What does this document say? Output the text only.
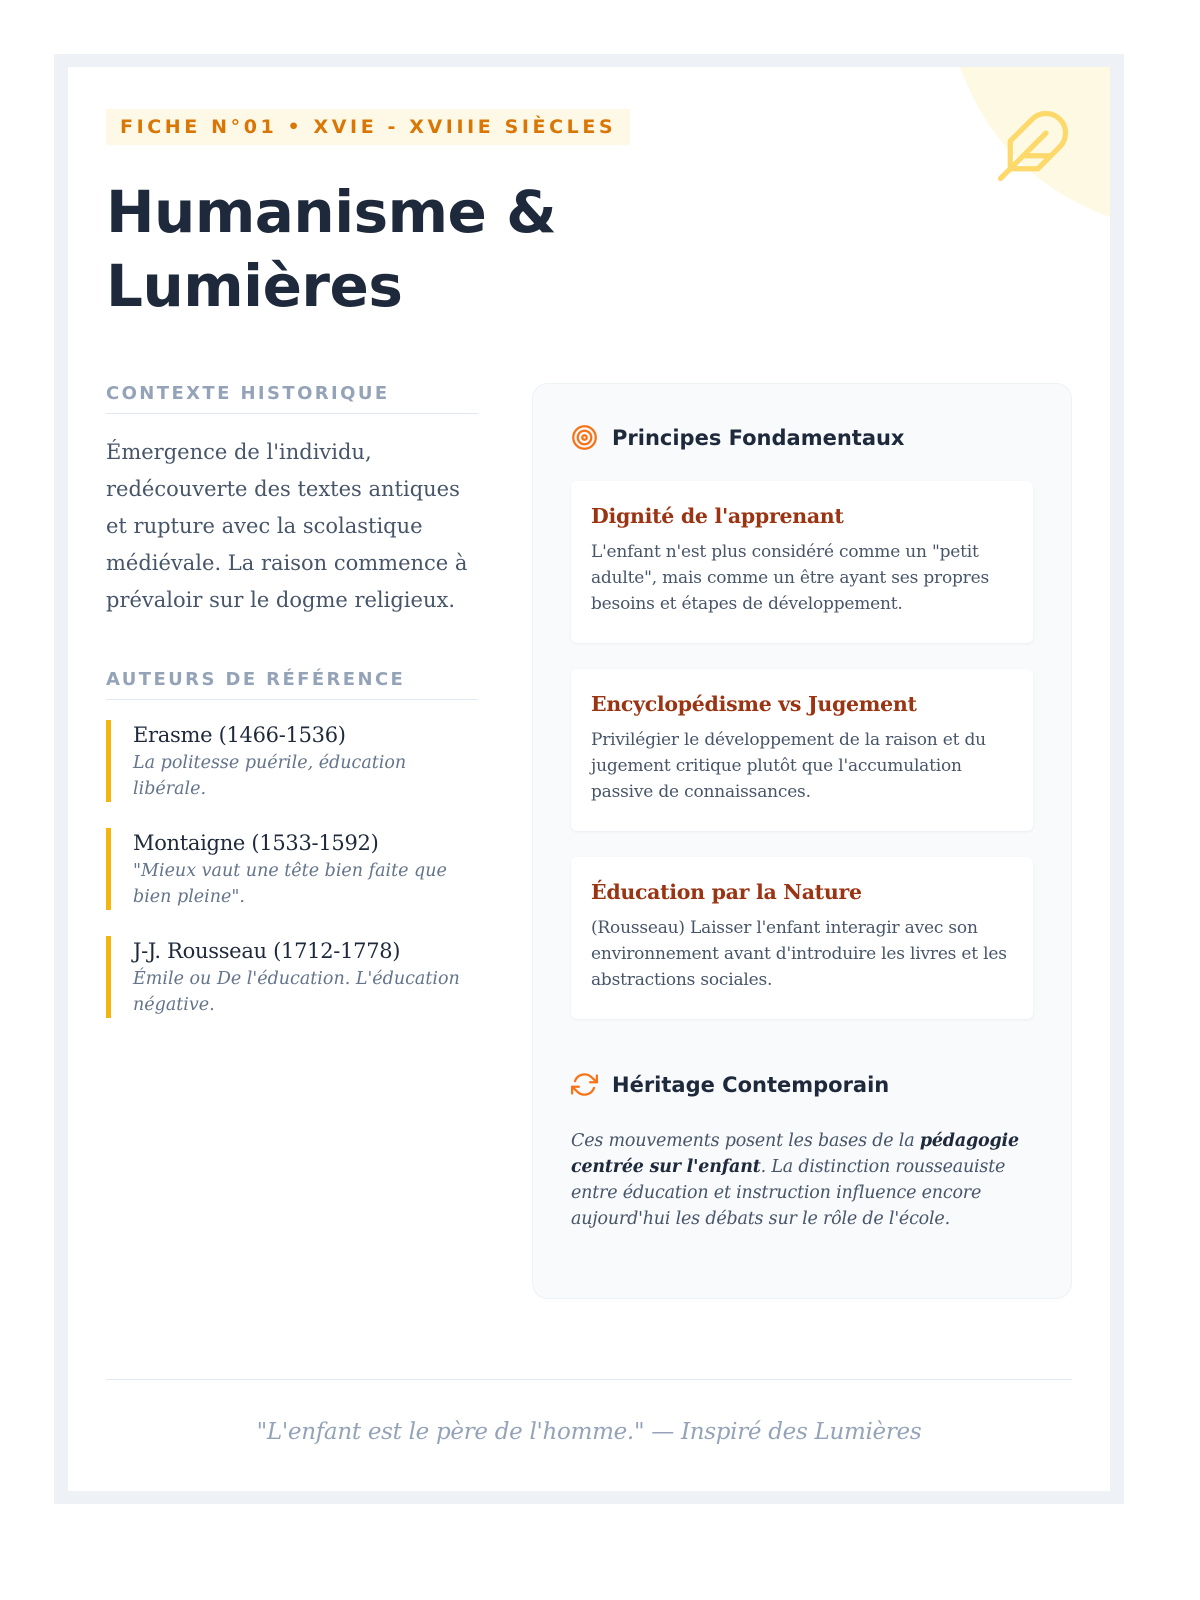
FICHE N°01 • XVIE - XVIIIE SIÈCLES
Humanisme &
Lumières
CONTEXTE HISTORIQUE
Émergence de l'individu, redécouverte des textes antiques et rupture avec la scolastique médiévale. La raison commence à prévaloir sur le dogme religieux.
AUTEURS DE RÉFÉRENCE
Erasme (1466-1536)
La politesse puérile, éducation libérale.
Montaigne (1533-1592)
"Mieux vaut une tête bien faite que bien pleine".
J-J. Rousseau (1712-1778)
Émile ou De l'éducation. L'éducation négative.
Principes Fondamentaux
Dignité de l'apprenant
L'enfant n'est plus considéré comme un "petit adulte", mais comme un être ayant ses propres besoins et étapes de développement.
Encyclopédisme vs Jugement
Privilégier le développement de la raison et du jugement critique plutôt que l'accumulation passive de connaissances.
Éducation par la Nature
(Rousseau) Laisser l'enfant interagir avec son environnement avant d'introduire les livres et les abstractions sociales.
Héritage Contemporain
Ces mouvements posent les bases de la pédagogie centrée sur l'enfant. La distinction rousseauiste entre éducation et instruction influence encore aujourd'hui les débats sur le rôle de l'école.
"L'enfant est le père de l'homme." — Inspiré des Lumières
